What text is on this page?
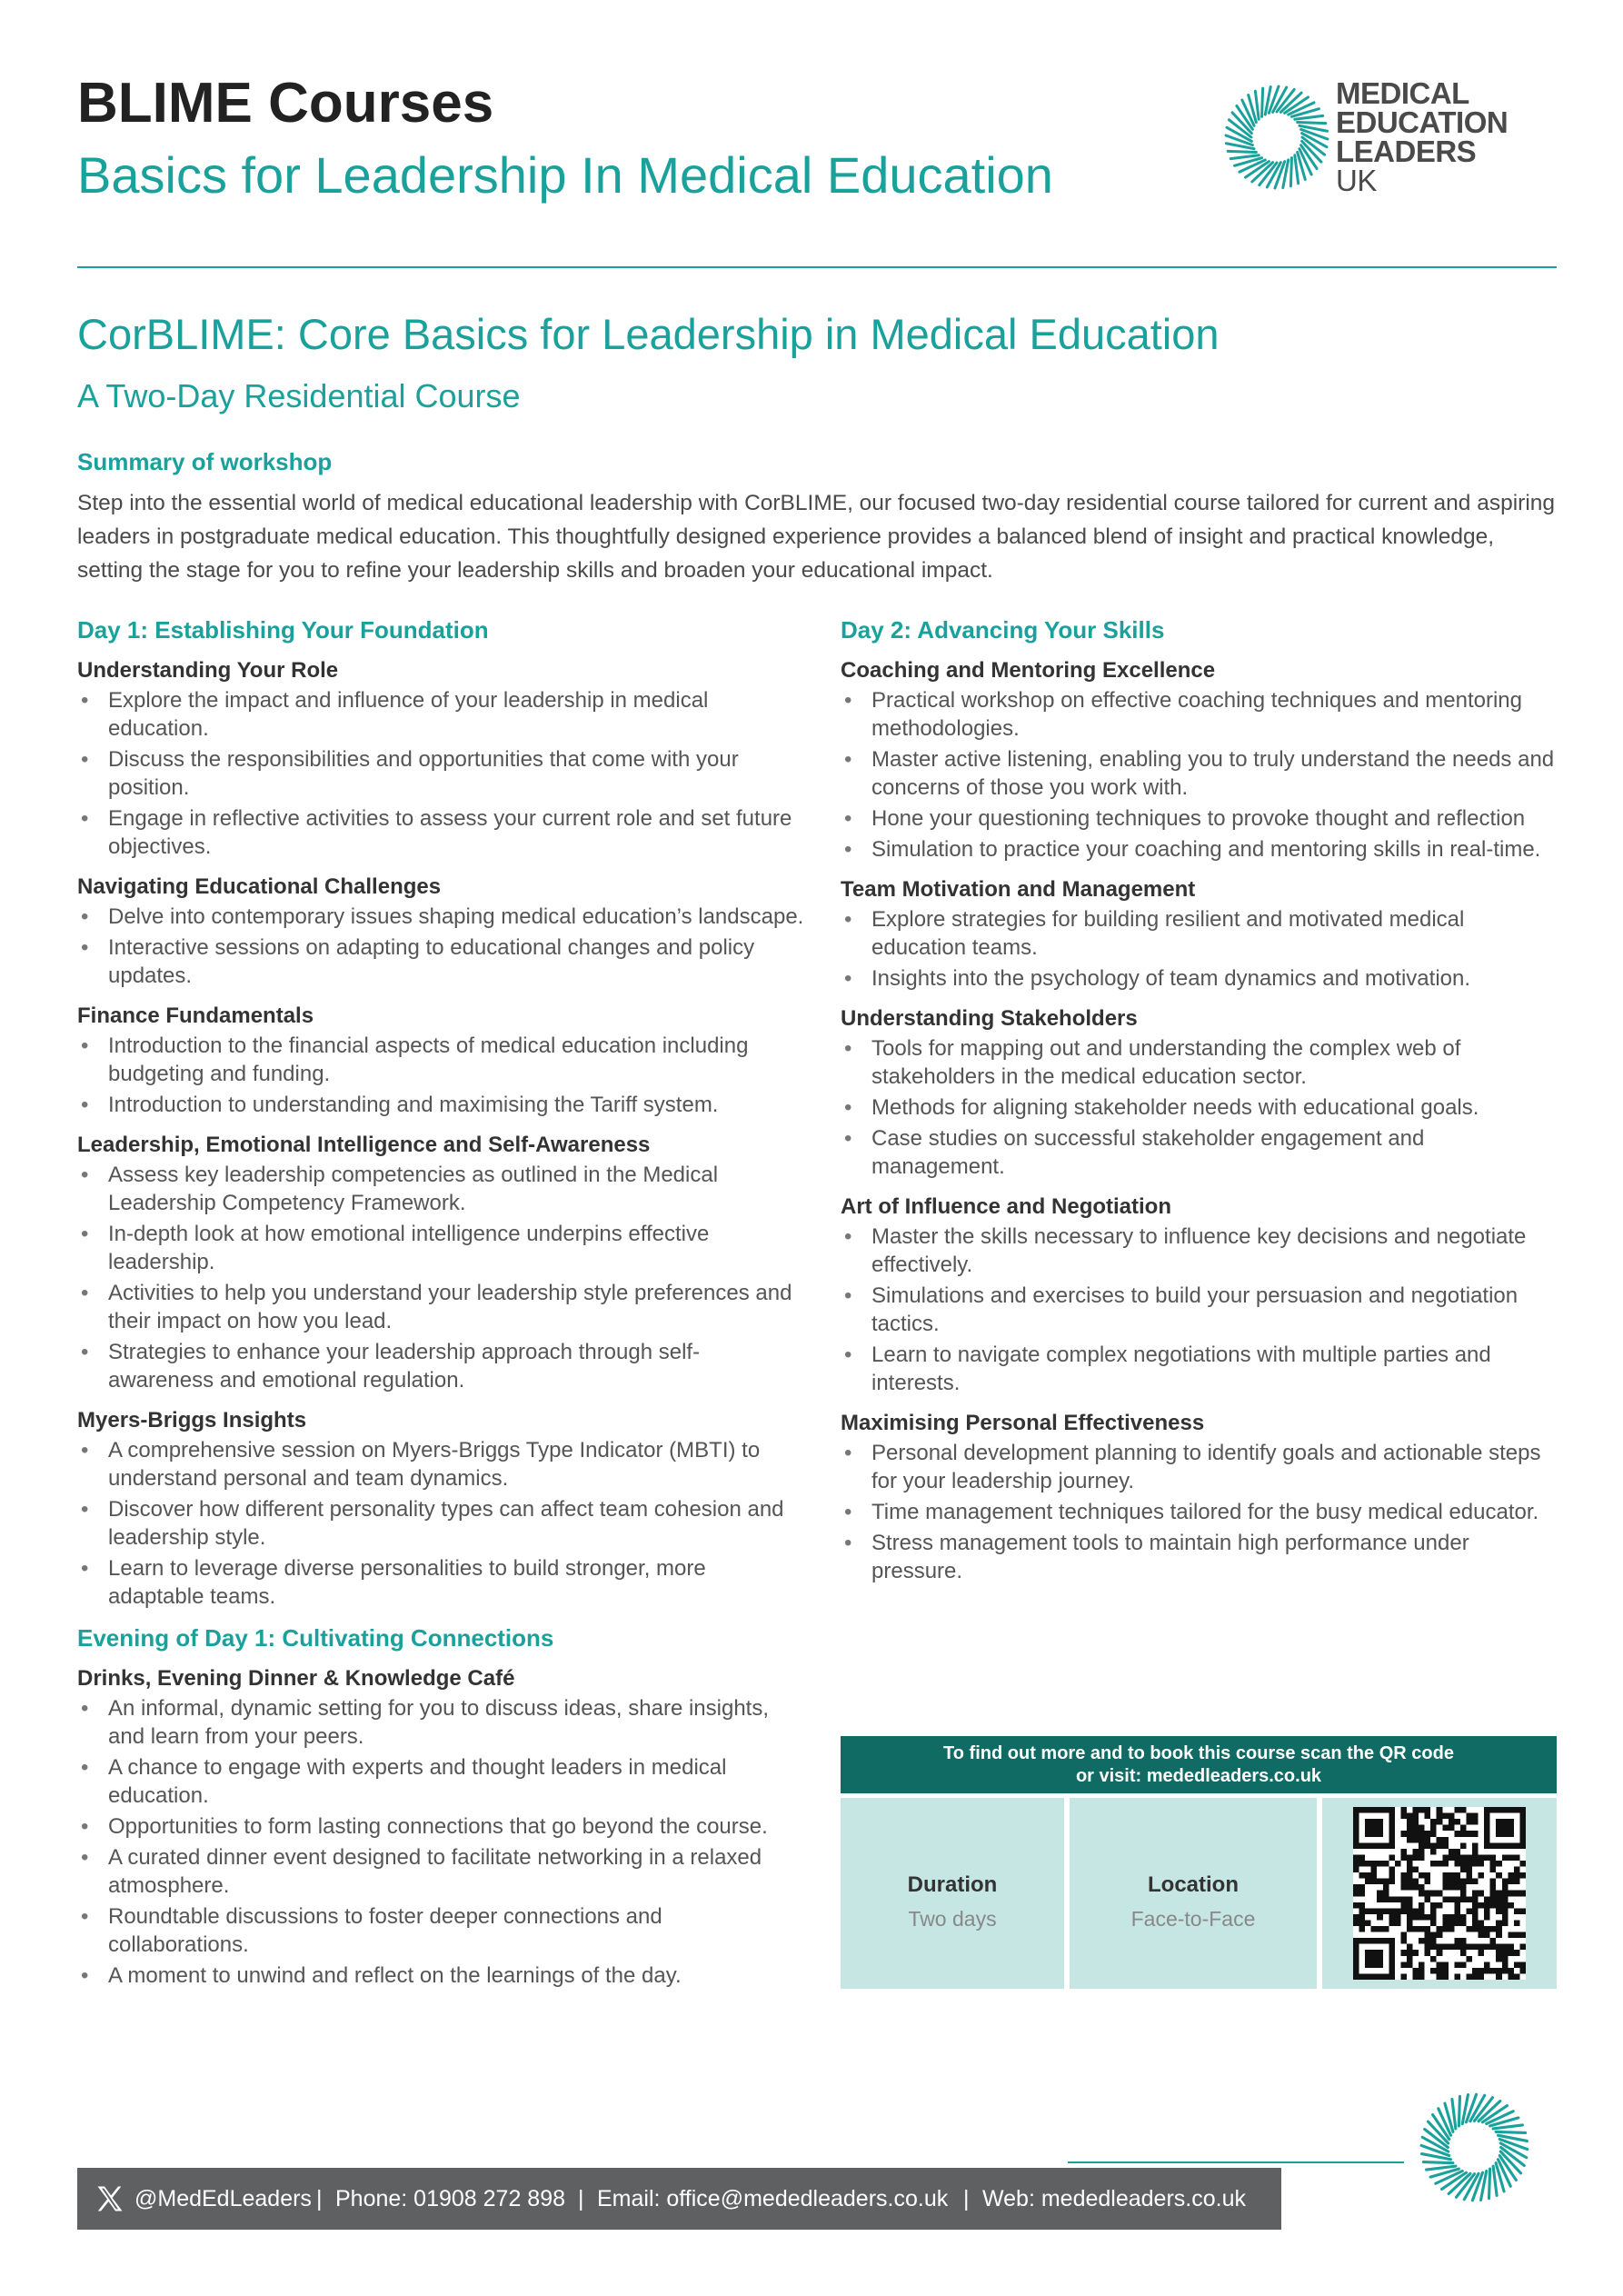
BLIME Courses
Basics for Leadership In Medical Education
MEDICAL
EDUCATION
LEADERS
UK
CorBLIME: Core Basics for Leadership in Medical Education
A Two-Day Residential Course
Summary of workshop

Step into the essential world of medical educational leadership with CorBLIME, our focused two-day residential course tailored for current and aspiring leaders in postgraduate medical education. This thoughtfully designed experience provides a balanced blend of insight and practical knowledge, setting the stage for you to refine your leadership skills and broaden your educational impact.

Day 1: Establishing Your Foundation
Understanding Your Role
• Explore the impact and influence of your leadership in medical education.
• Discuss the responsibilities and opportunities that come with your position.
• Engage in reflective activities to assess your current role and set future objectives.
Navigating Educational Challenges
• Delve into contemporary issues shaping medical education’s landscape.
• Interactive sessions on adapting to educational changes and policy updates.
Finance Fundamentals
• Introduction to the financial aspects of medical education including budgeting and funding.
• Introduction to understanding and maximising the Tariff system.
Leadership, Emotional Intelligence and Self-Awareness
• Assess key leadership competencies as outlined in the Medical Leadership Competency Framework.
• In-depth look at how emotional intelligence underpins effective leadership.
• Activities to help you understand your leadership style preferences and their impact on how you lead.
• Strategies to enhance your leadership approach through self-awareness and emotional regulation.
Myers-Briggs Insights
• A comprehensive session on Myers-Briggs Type Indicator (MBTI) to understand personal and team dynamics.
• Discover how different personality types can affect team cohesion and leadership style.
• Learn to leverage diverse personalities to build stronger, more adaptable teams.
Evening of Day 1: Cultivating Connections
Drinks, Evening Dinner & Knowledge Café
• An informal, dynamic setting for you to discuss ideas, share insights, and learn from your peers.
• A chance to engage with experts and thought leaders in medical education.
• Opportunities to form lasting connections that go beyond the course.
• A curated dinner event designed to facilitate networking in a relaxed atmosphere.
• Roundtable discussions to foster deeper connections and collaborations.
• A moment to unwind and reflect on the learnings of the day.
Day 2: Advancing Your Skills
Coaching and Mentoring Excellence
• Practical workshop on effective coaching techniques and mentoring methodologies.
• Master active listening, enabling you to truly understand the needs and concerns of those you work with.
• Hone your questioning techniques to provoke thought and reflection
• Simulation to practice your coaching and mentoring skills in real-time.
Team Motivation and Management
• Explore strategies for building resilient and motivated medical education teams.
• Insights into the psychology of team dynamics and motivation.
Understanding Stakeholders
• Tools for mapping out and understanding the complex web of stakeholders in the medical education sector.
• Methods for aligning stakeholder needs with educational goals.
• Case studies on successful stakeholder engagement and management.
Art of Influence and Negotiation
• Master the skills necessary to influence key decisions and negotiate effectively.
• Simulations and exercises to build your persuasion and negotiation tactics.
• Learn to navigate complex negotiations with multiple parties and interests.
Maximising Personal Effectiveness
• Personal development planning to identify goals and actionable steps for your leadership journey.
• Time management techniques tailored for the busy medical educator.
• Stress management tools to maintain high performance under pressure.
To find out more and to book this course scan the QR code
or visit: mededleaders.co.uk
Duration
Two days
Location
Face-to-Face
@MedEdLeaders | Phone: 01908 272 898 | Email: office@mededleaders.co.uk | Web: mededleaders.co.uk
